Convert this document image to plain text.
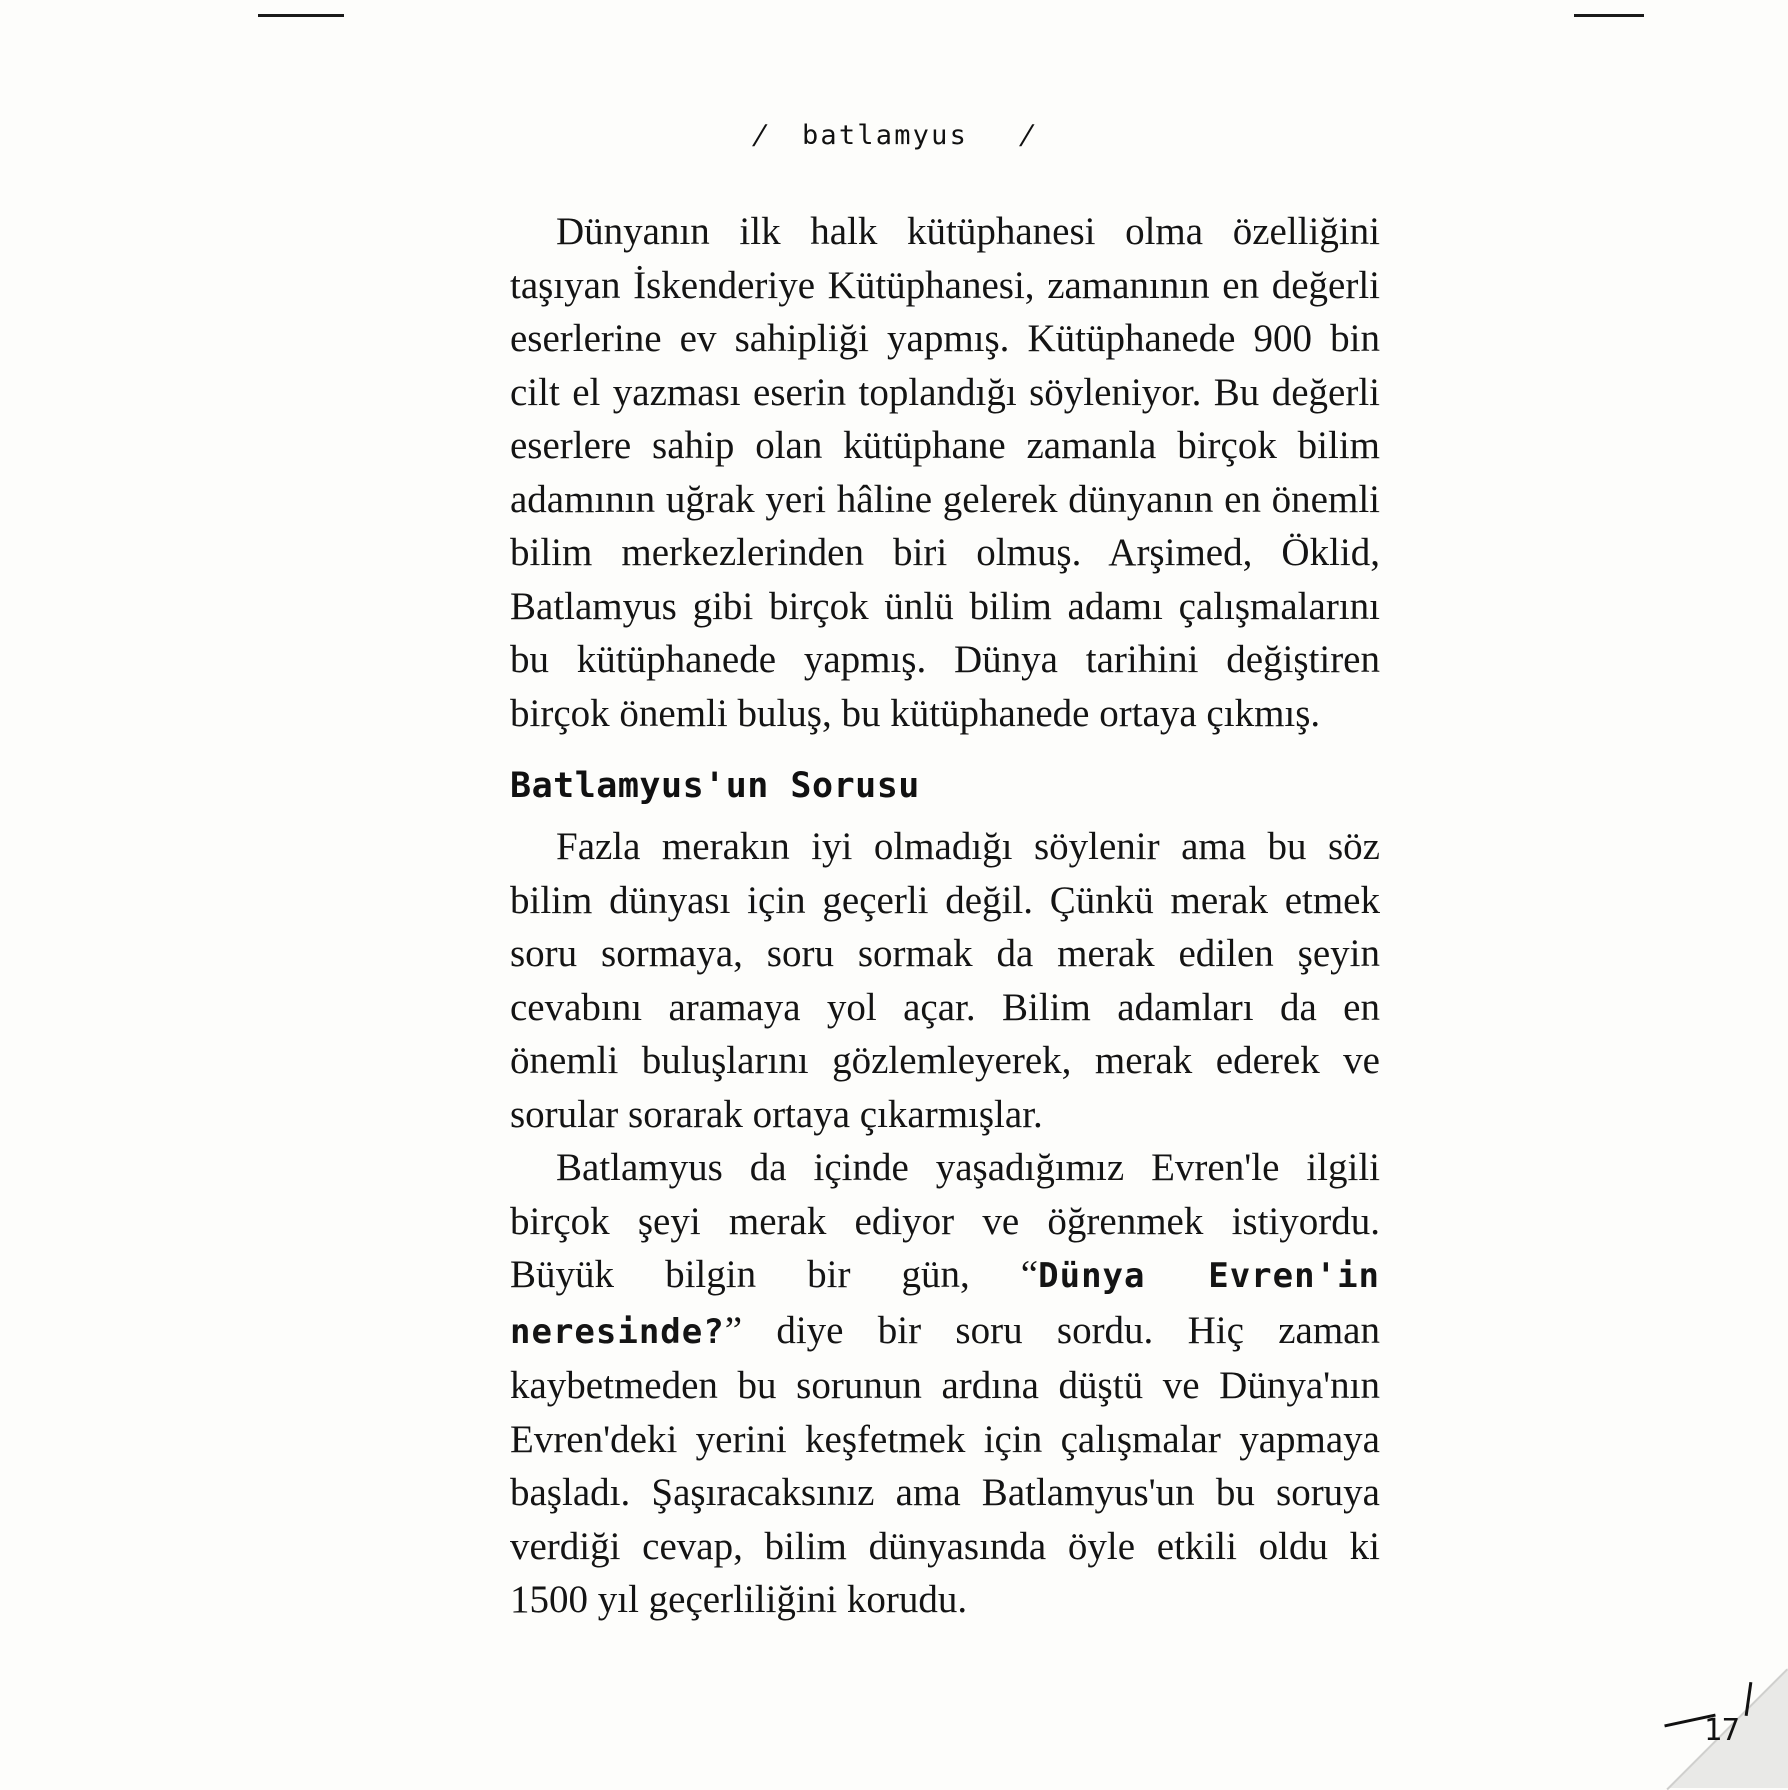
/ batlamyus /

Dünyanın ilk halk kütüphanesi olma özelliğini taşıyan İskenderiye Kütüphanesi, zamanının en değerli eserlerine ev sahipliği yapmış. Kütüphanede 900 bin cilt el yazması eserin toplandığı söyleniyor. Bu değerli eserlere sahip olan kütüphane zamanla birçok bilim adamının uğrak yeri hâline gelerek dünyanın en önemli bilim merkezlerinden biri olmuş. Arşimed, Öklid, Batlamyus gibi birçok ünlü bilim adamı çalışmalarını bu kütüphanede yapmış. Dünya tarihini değiştiren birçok önemli buluş, bu kütüphanede ortaya çıkmış.

Batlamyus'un Sorusu

Fazla merakın iyi olmadığı söylenir ama bu söz bilim dünyası için geçerli değil. Çünkü merak etmek soru sormaya, soru sormak da merak edilen şeyin cevabını aramaya yol açar. Bilim adamları da en önemli buluşlarını gözlemleyerek, merak ederek ve sorular sorarak ortaya çıkarmışlar.

Batlamyus da içinde yaşadığımız Evren'le ilgili birçok şeyi merak ediyor ve öğrenmek istiyordu. Büyük bilgin bir gün, “Dünya Evren'in neresinde?” diye bir soru sordu. Hiç zaman kaybetmeden bu sorunun ardına düştü ve Dünya'nın Evren'deki yerini keşfetmek için çalışmalar yapmaya başladı. Şaşıracaksınız ama Batlamyus'un bu soruya verdiği cevap, bilim dünyasında öyle etkili oldu ki 1500 yıl geçerliliğini korudu.

17
